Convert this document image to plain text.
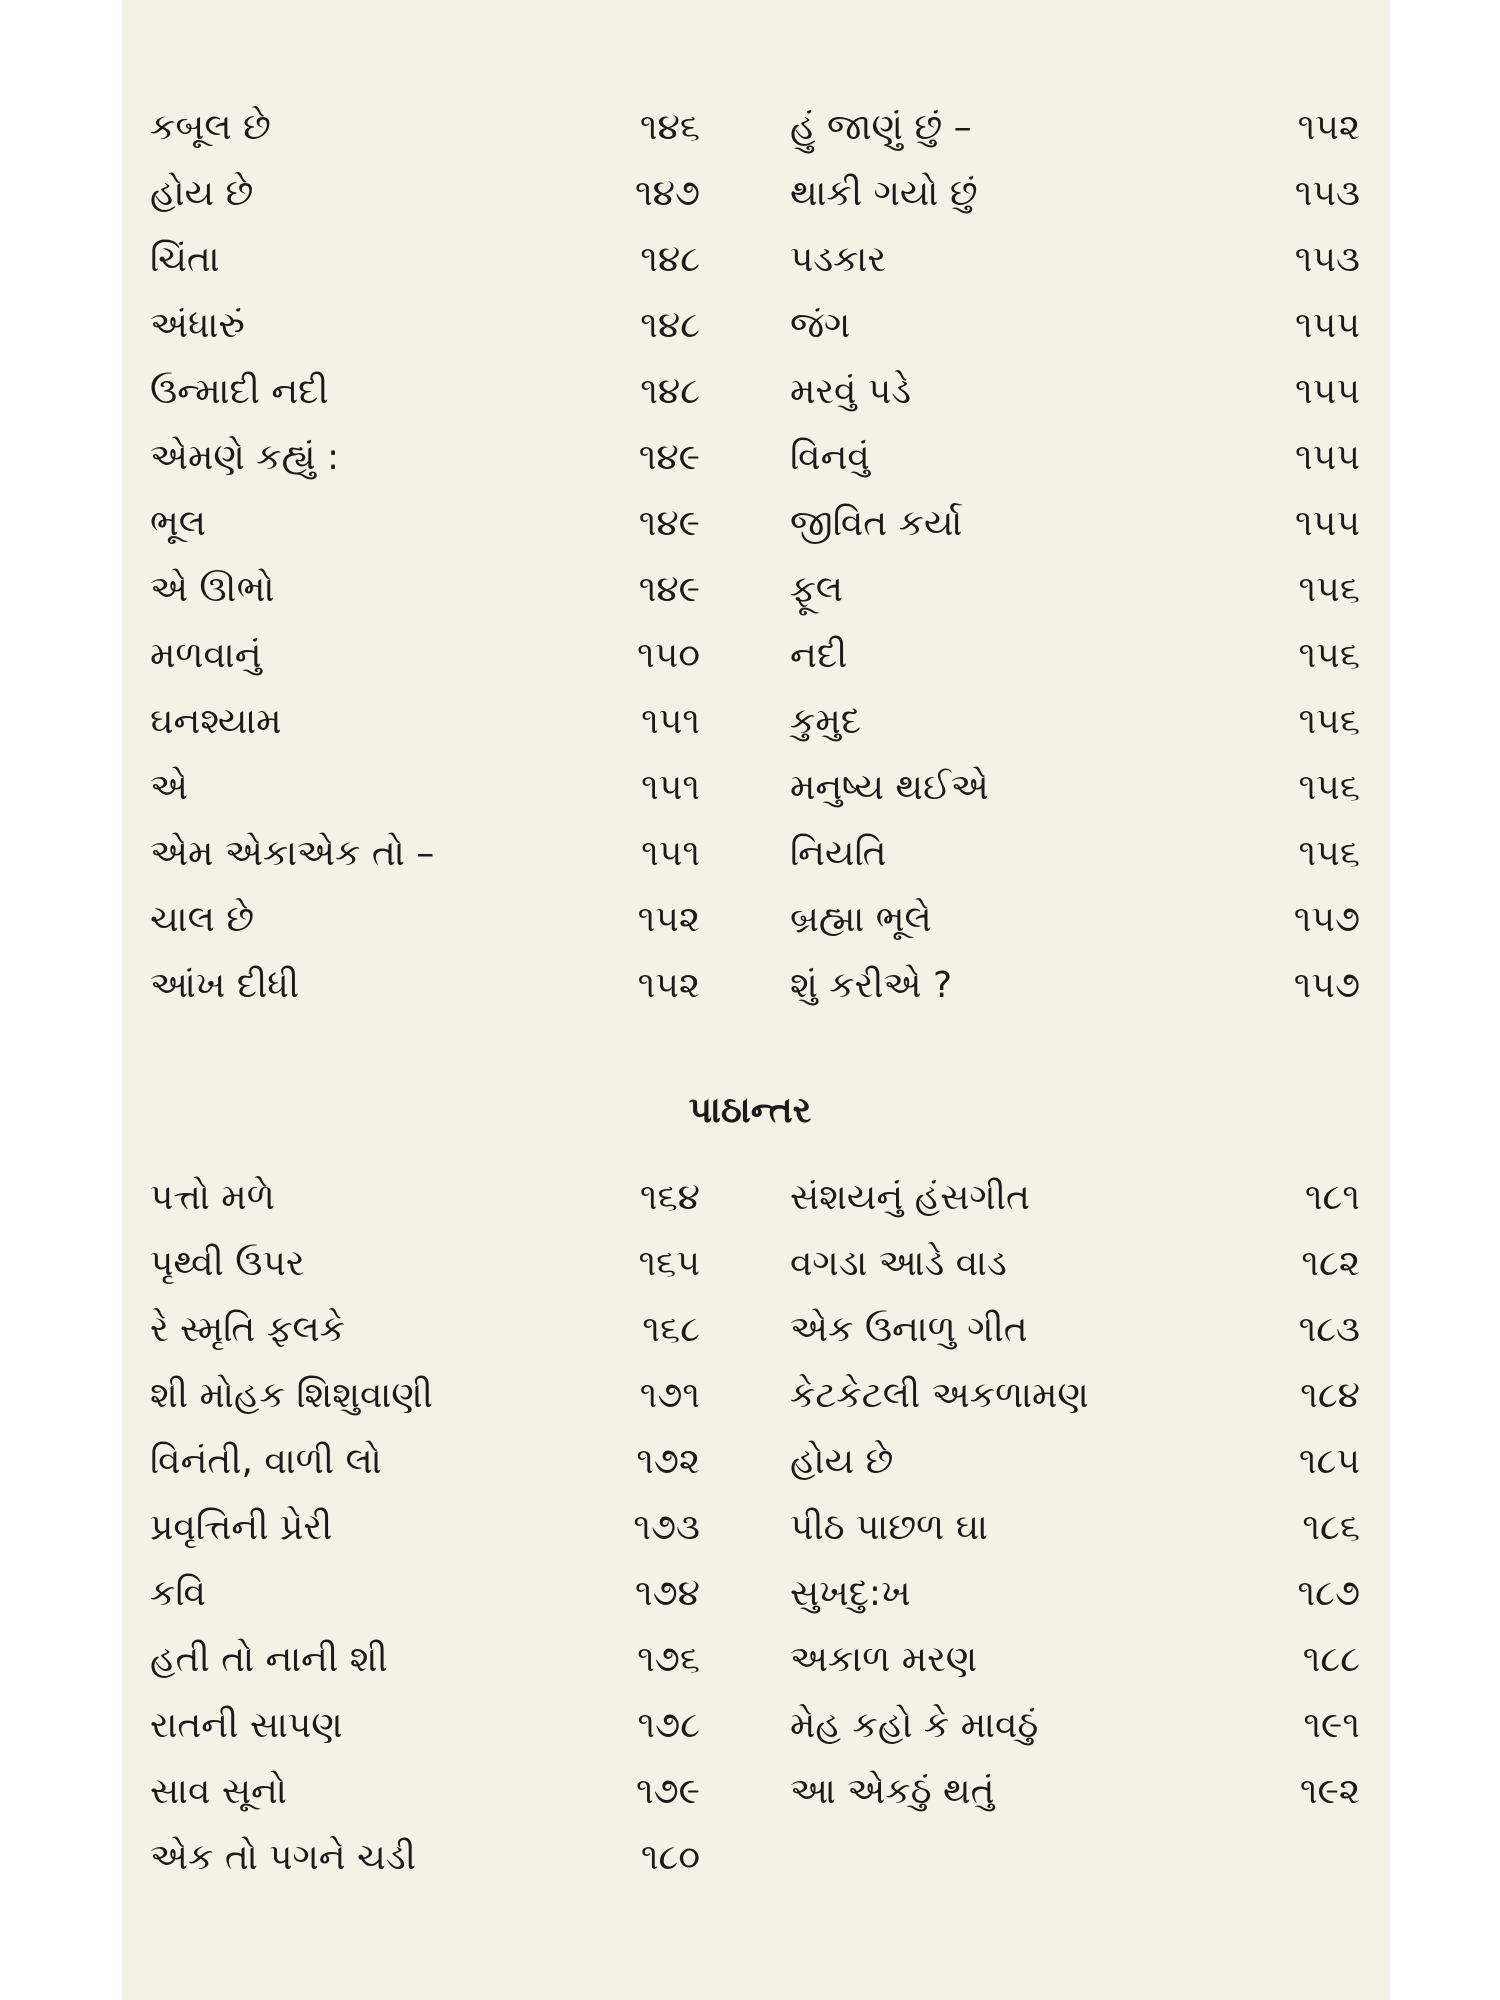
કબૂલ છે	૧૪૬	હું જાણું છું –	૧૫૨
હોય છે	૧૪૭	થાકી ગયો છું	૧૫૩
ચિંતા	૧૪૮	પડકાર	૧૫૩
અંધારું	૧૪૮	જંગ	૧૫૫
ઉન્માદી નદી	૧૪૮	મરવું પડે	૧૫૫
એમણે કહ્યું :	૧૪૯	વિનવું	૧૫૫
ભૂલ	૧૪૯	જીવિત કર્યા	૧૫૫
એ ઊભો	૧૪૯	ફૂલ	૧૫૬
મળવાનું	૧૫૦	નદી	૧૫૬
ઘનશ્યામ	૧૫૧	કુમુદ	૧૫૬
એ	૧૫૧	મનુષ્ય થઈએ	૧૫૬
એમ એકાએક તો –	૧૫૧	નિયતિ	૧૫૬
ચાલ છે	૧૫૨	બ્રહ્મા ભૂલે	૧૫૭
આંખ દીધી	૧૫૨	શું કરીએ ?	૧૫૭
પાઠાન્તર
પત્તો મળે	૧૬૪	સંશયનું હંસગીત	૧૮૧
પૃથ્વી ઉપર	૧૬૫	વગડા આડે વાડ	૧૮૨
રે સ્મૃતિ ફલકે	૧૬૮	એક ઉનાળુ ગીત	૧૮૩
શી મોહક શિશુવાણી	૧૭૧	કેટકેટલી અકળામણ	૧૮૪
વિનંતી, વાળી લો	૧૭૨	હોય છે	૧૮૫
પ્રવૃત્તિની પ્રેરી	૧૭૩	પીઠ પાછળ ઘા	૧૮૬
કવિ	૧૭૪	સુખદુ:ખ	૧૮૭
હતી તો નાની શી	૧૭૬	અકાળ મરણ	૧૮૮
રાતની સાપણ	૧૭૮	મેહ કહો કે માવઠું	૧૯૧
સાવ સૂનો	૧૭૯	આ એકઠું થતું	૧૯૨
એક તો પગને ચડી	૧૮૦
